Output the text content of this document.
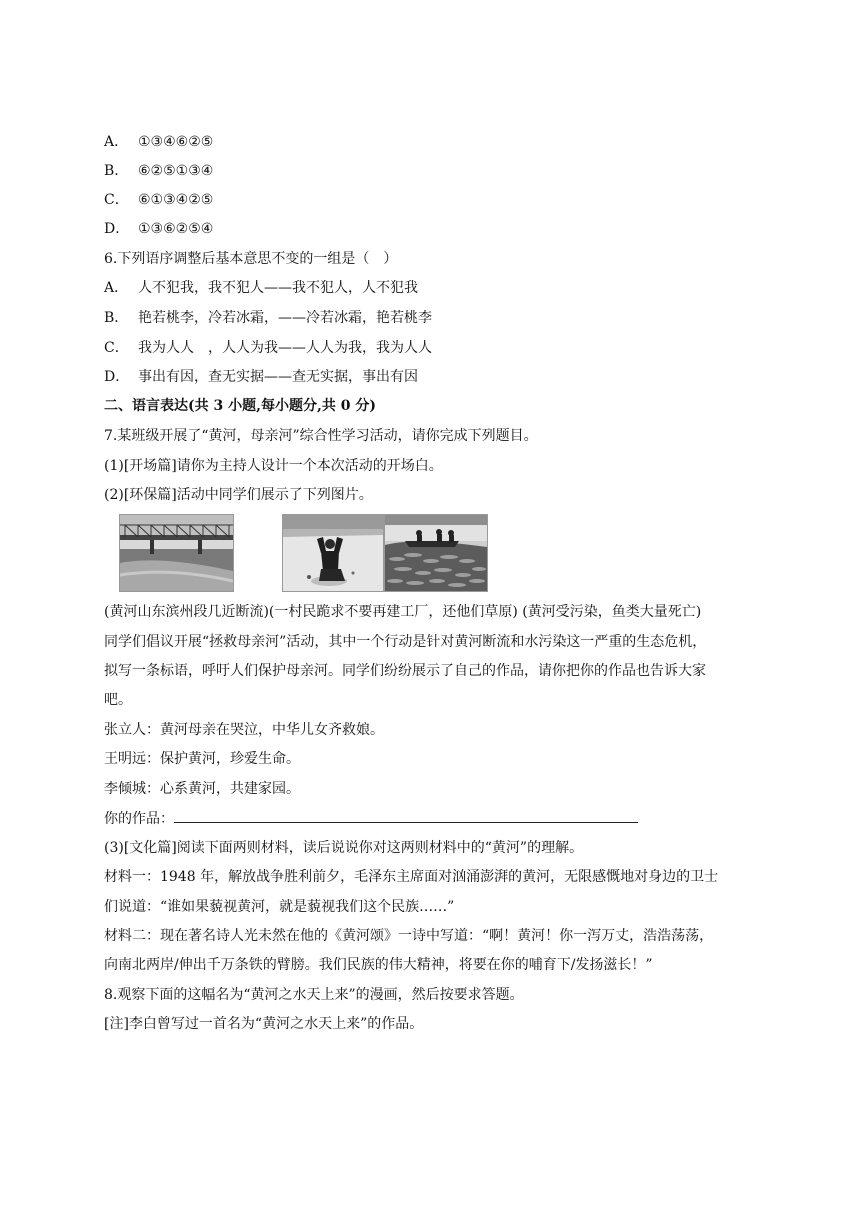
A． ①③④⑥②⑤
B． ⑥②⑤①③④
C． ⑥①③④②⑤
D． ①③⑥②⑤④
6.下列语序调整后基本意思不变的一组是（　）
A． 人不犯我，我不犯人——我不犯人，人不犯我
B． 艳若桃李，冷若冰霜，——冷若冰霜，艳若桃李
C． 我为人人　，人人为我——人人为我，我为人人
D． 事出有因，查无实据——查无实据，事出有因
二、语言表达(共 3 小题,每小题分,共 0 分)
7.某班级开展了“黄河，母亲河”综合性学习活动，请你完成下列题目。
(1)[开场篇]请你为主持人设计一个本次活动的开场白。
(2)[环保篇]活动中同学们展示了下列图片。
(黄河山东滨州段几近断流)(一村民跪求不要再建工厂，还他们草原) (黄河受污染，鱼类大量死亡)
同学们倡议开展“拯救母亲河”活动，其中一个行动是针对黄河断流和水污染这一严重的生态危机，
拟写一条标语，呼吁人们保护母亲河。同学们纷纷展示了自己的作品，请你把你的作品也告诉大家
吧。
张立人：黄河母亲在哭泣，中华儿女齐救娘。
王明远：保护黄河，珍爱生命。
李倾城：心系黄河，共建家园。
你的作品：
(3)[文化篇]阅读下面两则材料，读后说说你对这两则材料中的“黄河”的理解。
材料一：1948 年，解放战争胜利前夕，毛泽东主席面对汹涌澎湃的黄河，无限感慨地对身边的卫士
们说道：“谁如果藐视黄河，就是藐视我们这个民族……”
材料二：现在著名诗人光未然在他的《黄河颂》一诗中写道：“啊！黄河！你一泻万丈，浩浩荡荡，
向南北两岸/伸出千万条铁的臂膀。我们民族的伟大精神，将要在你的哺育下/发扬滋长！”
8.观察下面的这幅名为“黄河之水天上来”的漫画，然后按要求答题。
[注]李白曾写过一首名为“黄河之水天上来”的作品。
